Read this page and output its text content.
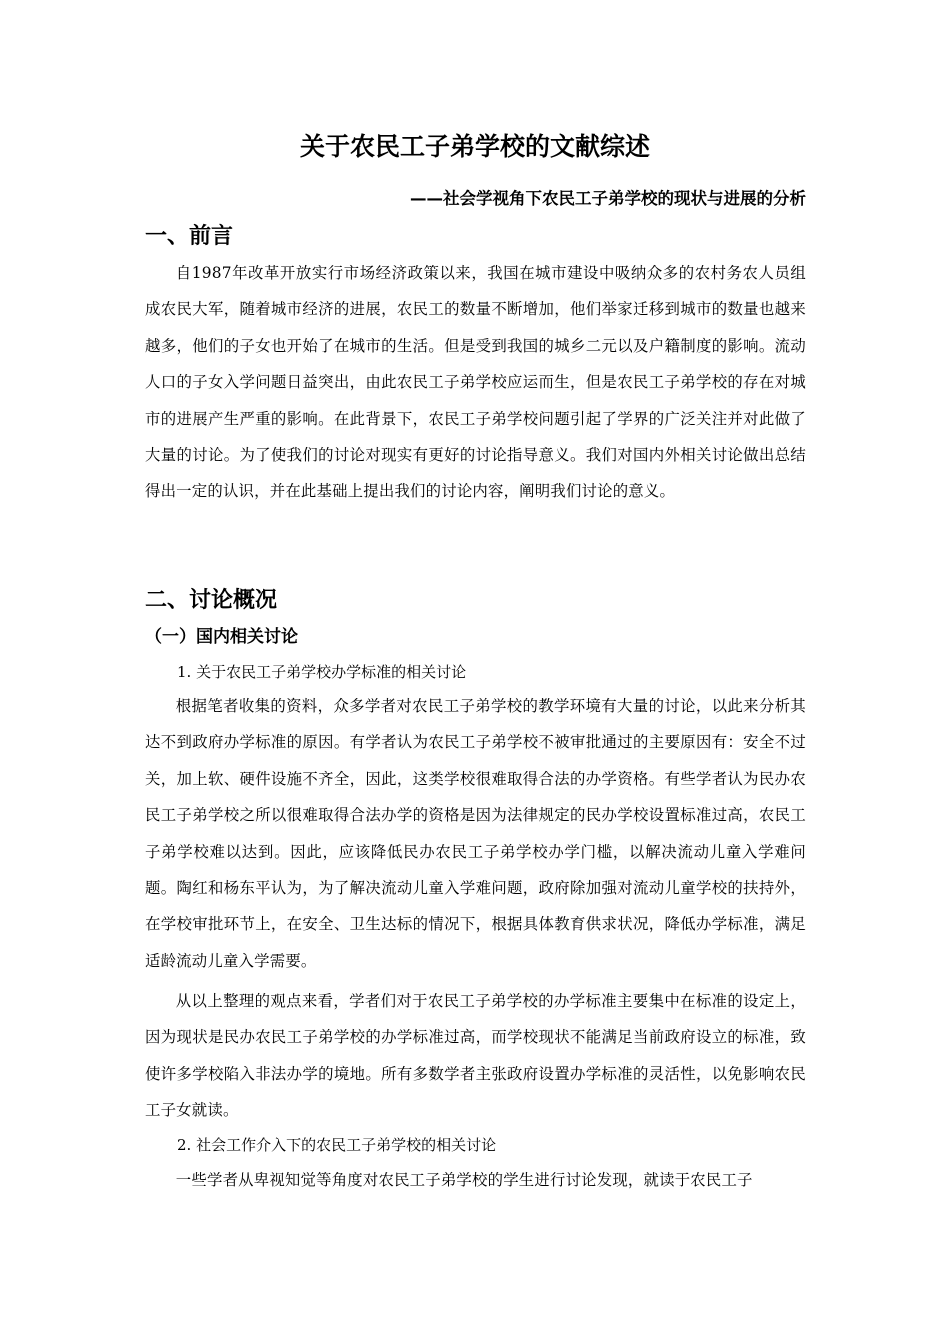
关于农民工子弟学校的文献综述

——社会学视角下农民工子弟学校的现状与进展的分析

一、前言

自1987年改革开放实行市场经济政策以来，我国在城市建设中吸纳众多的农村务农人员组成农民大军，随着城市经济的进展，农民工的数量不断增加，他们举家迁移到城市的数量也越来越多，他们的子女也开始了在城市的生活。但是受到我国的城乡二元以及户籍制度的影响。流动人口的子女入学问题日益突出，由此农民工子弟学校应运而生，但是农民工子弟学校的存在对城市的进展产生严重的影响。在此背景下，农民工子弟学校问题引起了学界的广泛关注并对此做了大量的讨论。为了使我们的讨论对现实有更好的讨论指导意义。我们对国内外相关讨论做出总结得出一定的认识，并在此基础上提出我们的讨论内容，阐明我们讨论的意义。

二、讨论概况
（一）国内相关讨论

1. 关于农民工子弟学校办学标准的相关讨论

根据笔者收集的资料，众多学者对农民工子弟学校的教学环境有大量的讨论，以此来分析其达不到政府办学标准的原因。有学者认为农民工子弟学校不被审批通过的主要原因有：安全不过关，加上软、硬件设施不齐全，因此，这类学校很难取得合法的办学资格。有些学者认为民办农民工子弟学校之所以很难取得合法办学的资格是因为法律规定的民办学校设置标准过高，农民工子弟学校难以达到。因此，应该降低民办农民工子弟学校办学门槛，以解决流动儿童入学难问题。陶红和杨东平认为，为了解决流动儿童入学难问题，政府除加强对流动儿童学校的扶持外，在学校审批环节上，在安全、卫生达标的情况下，根据具体教育供求状况，降低办学标准，满足适龄流动儿童入学需要。

从以上整理的观点来看，学者们对于农民工子弟学校的办学标准主要集中在标准的设定上，因为现状是民办农民工子弟学校的办学标准过高，而学校现状不能满足当前政府设立的标准，致使许多学校陷入非法办学的境地。所有多数学者主张政府设置办学标准的灵活性，以免影响农民工子女就读。

2. 社会工作介入下的农民工子弟学校的相关讨论

一些学者从卑视知觉等角度对农民工子弟学校的学生进行讨论发现，就读于农民工子
